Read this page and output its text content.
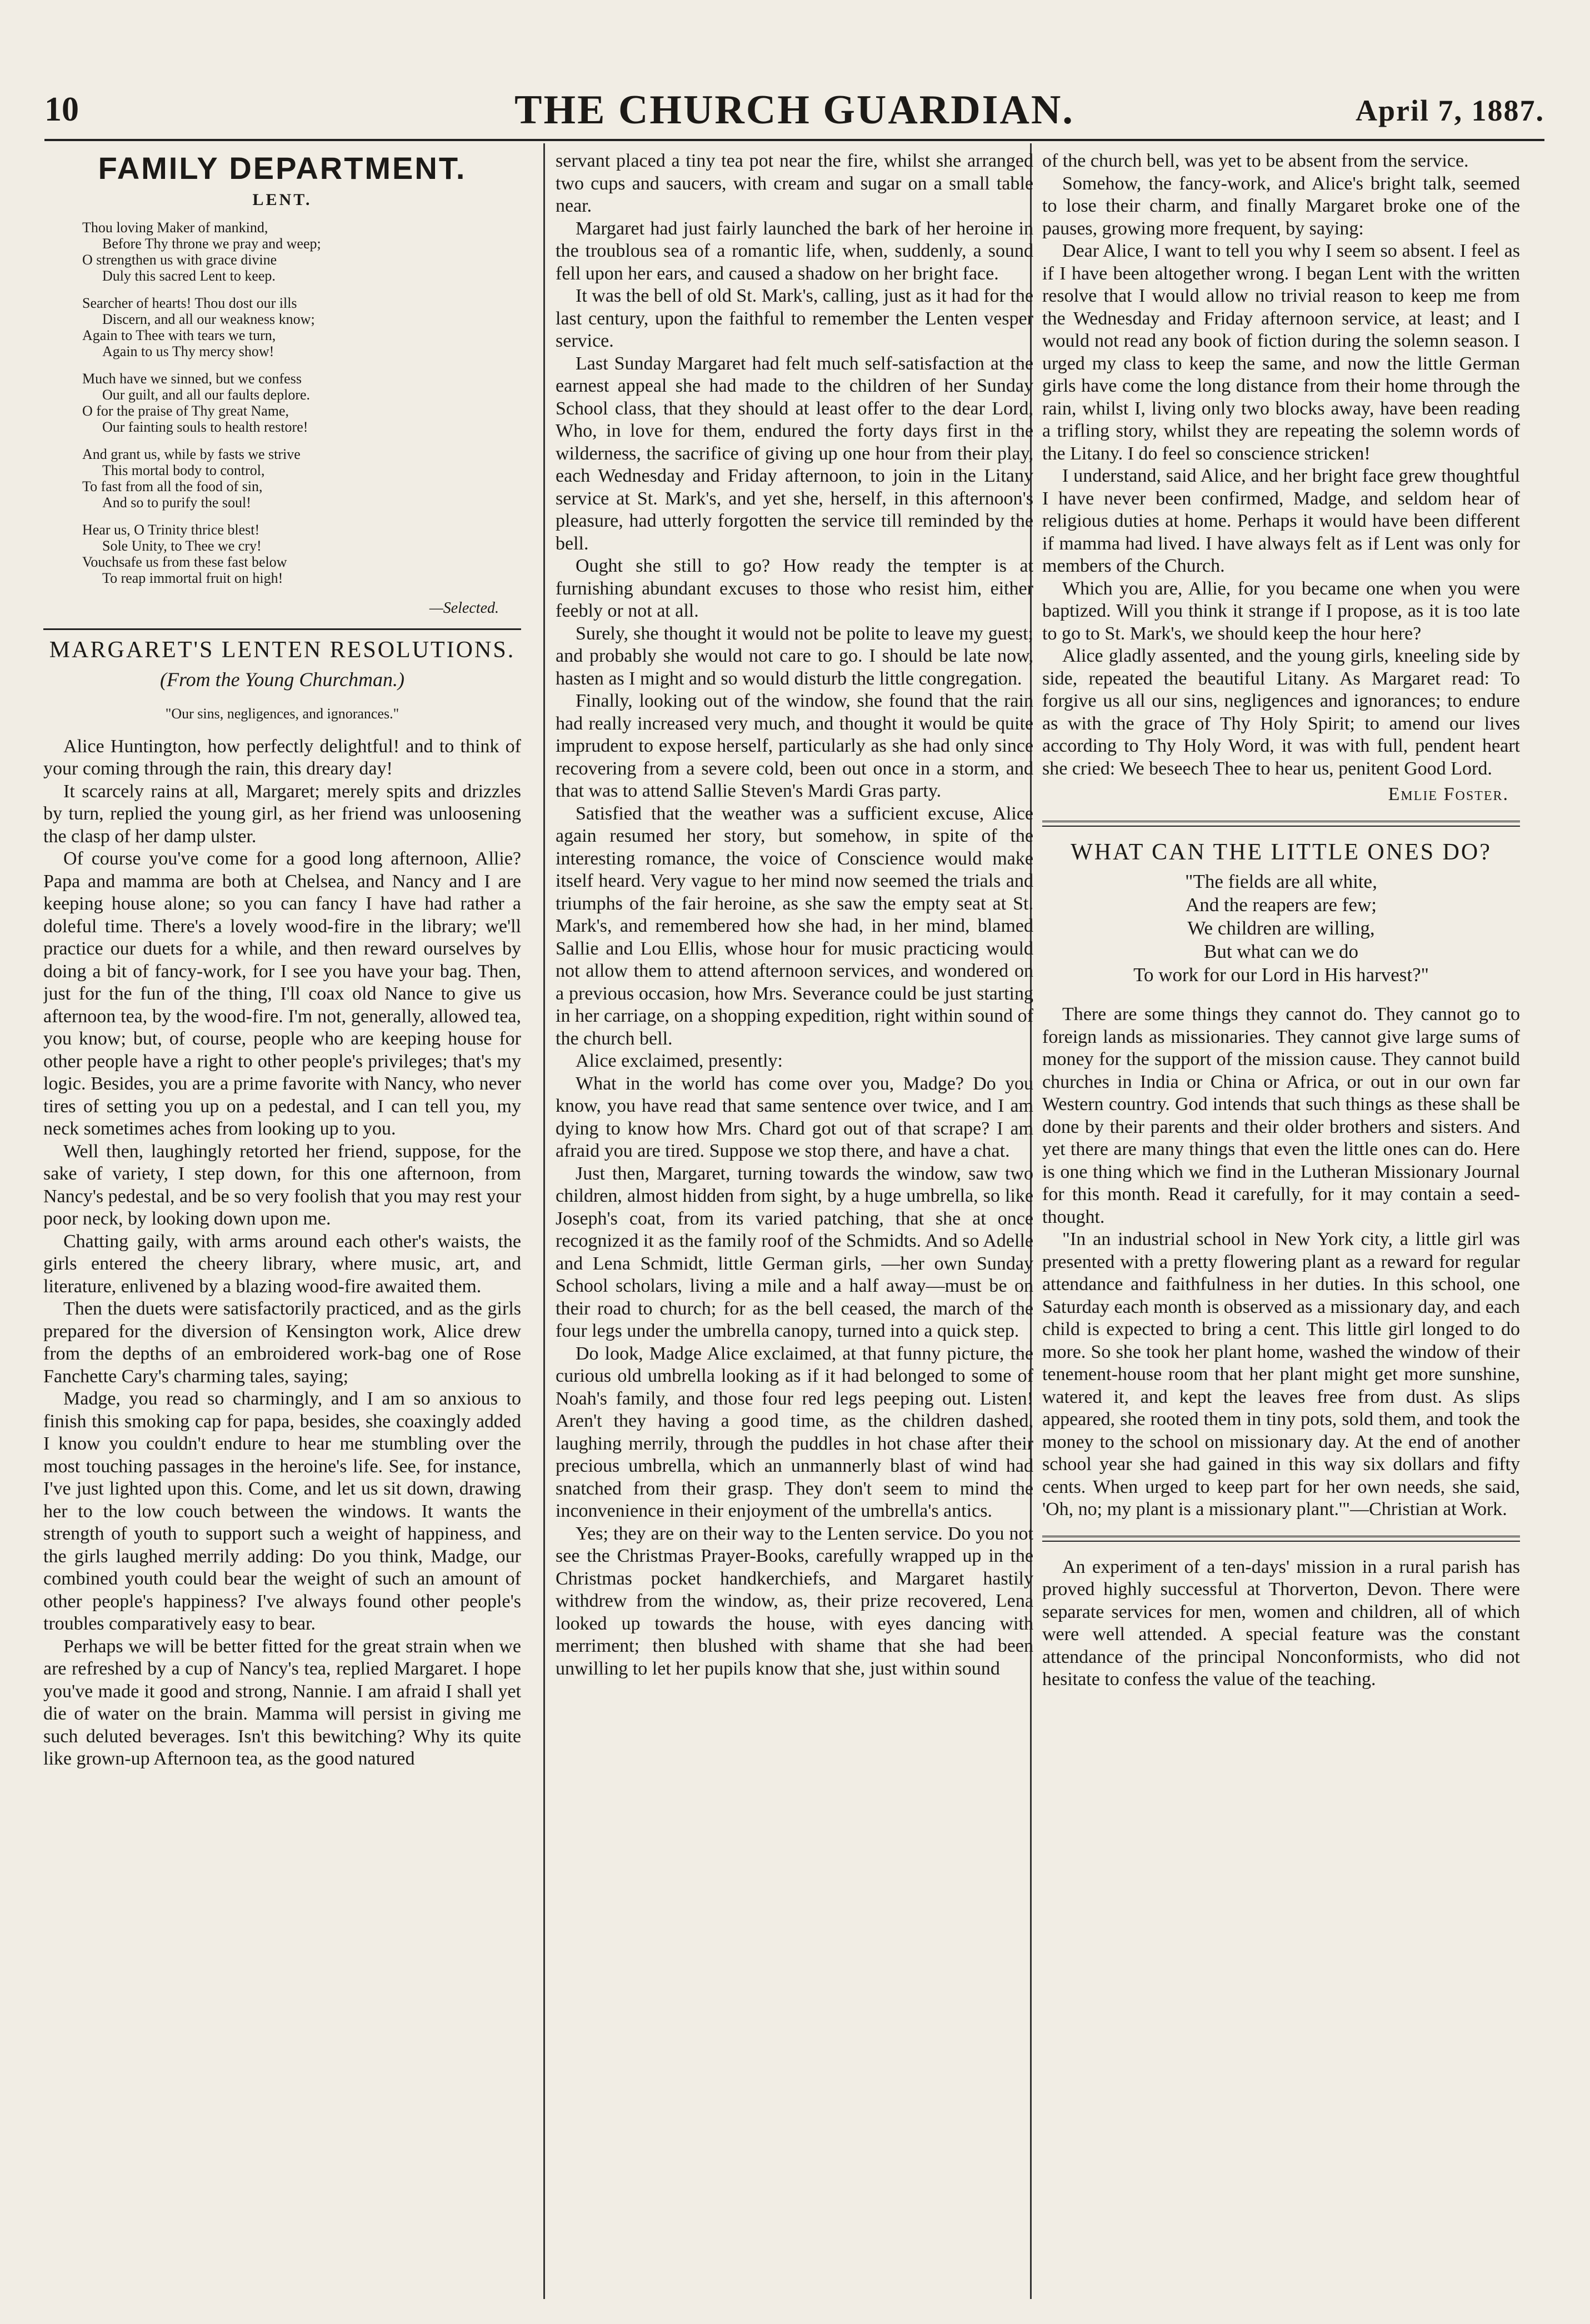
10	THE CHURCH GUARDIAN.	April 7, 1887.
FAMILY DEPARTMENT.
LENT.
Thou loving Maker of mankind,
Before Thy throne we pray and weep;
O strengthen us with grace divine
Duly this sacred Lent to keep.
Searcher of hearts! Thou dost our ills
Discern, and all our weakness know;
Again to Thee with tears we turn,
Again to us Thy mercy show!
Much have we sinned, but we confess
Our guilt, and all our faults deplore.
O for the praise of Thy great Name,
Our fainting souls to health restore!
And grant us, while by fasts we strive
This mortal body to control,
To fast from all the food of sin,
And so to purify the soul!
Hear us, O Trinity thrice blest!
Sole Unity, to Thee we cry!
Vouchsafe us from these fast below
To reap immortal fruit on high!
—Selected.
MARGARET'S LENTEN RESOLUTIONS.
(From the Young Churchman.)
"Our sins, negligences, and ignorances."

Alice Huntington, how perfectly delightful! and to think of your coming through the rain, this dreary day!

It scarcely rains at all, Margaret; merely spits and drizzles by turn, replied the young girl, as her friend was unloosening the clasp of her damp ulster.

Of course you've come for a good long afternoon, Allie? Papa and mamma are both at Chelsea, and Nancy and I are keeping house alone; so you can fancy I have had rather a doleful time. There's a lovely wood-fire in the library; we'll practice our duets for a while, and then reward ourselves by doing a bit of fancy-work, for I see you have your bag. Then, just for the fun of the thing, I'll coax old Nance to give us afternoon tea, by the wood-fire. I'm not, generally, allowed tea, you know; but, of course, people who are keeping house for other people have a right to other people's privileges; that's my logic. Besides, you are a prime favorite with Nancy, who never tires of setting you up on a pedestal, and I can tell you, my neck sometimes aches from looking up to you.

Well then, laughingly retorted her friend, suppose, for the sake of variety, I step down, for this one afternoon, from Nancy's pedestal, and be so very foolish that you may rest your poor neck, by looking down upon me.

Chatting gaily, with arms around each other's waists, the girls entered the cheery library, where music, art, and literature, enlivened by a blazing wood-fire awaited them.

Then the duets were satisfactorily practiced, and as the girls prepared for the diversion of Kensington work, Alice drew from the depths of an embroidered work-bag one of Rose Fanchette Cary's charming tales, saying;

Madge, you read so charmingly, and I am so anxious to finish this smoking cap for papa, besides, she coaxingly added I know you couldn't endure to hear me stumbling over the most touching passages in the heroine's life. See, for instance, I've just lighted upon this. Come, and let us sit down, drawing her to the low couch between the windows. It wants the strength of youth to support such a weight of happiness, and the girls laughed merrily adding: Do you think, Madge, our combined youth could bear the weight of such an amount of other people's happiness? I've always found other people's troubles comparatively easy to bear.

Perhaps we will be better fitted for the great strain when we are refreshed by a cup of Nancy's tea, replied Margaret. I hope you've made it good and strong, Nannie. I am afraid I shall yet die of water on the brain. Mamma will persist in giving me such deluted beverages. Isn't this bewitching? Why its quite like grown-up Afternoon tea, as the good natured

servant placed a tiny tea pot near the fire, whilst she arranged two cups and saucers, with cream and sugar on a small table near.

Margaret had just fairly launched the bark of her heroine in the troublous sea of a romantic life, when, suddenly, a sound fell upon her ears, and caused a shadow on her bright face.

It was the bell of old St. Mark's, calling, just as it had for the last century, upon the faithful to remember the Lenten vesper service.

Last Sunday Margaret had felt much self-satisfaction at the earnest appeal she had made to the children of her Sunday School class, that they should at least offer to the dear Lord, Who, in love for them, endured the forty days first in the wilderness, the sacrifice of giving up one hour from their play, each Wednesday and Friday afternoon, to join in the Litany service at St. Mark's, and yet she, herself, in this afternoon's pleasure, had utterly forgotten the service till reminded by the bell.

Ought she still to go? How ready the tempter is at furnishing abundant excuses to those who resist him, either feebly or not at all.

Surely, she thought it would not be polite to leave my guest; and probably she would not care to go. I should be late now, hasten as I might and so would disturb the little congregation.

Finally, looking out of the window, she found that the rain had really increased very much, and thought it would be quite imprudent to expose herself, particularly as she had only since recovering from a severe cold, been out once in a storm, and that was to attend Sallie Steven's Mardi Gras party.

Satisfied that the weather was a sufficient excuse, Alice again resumed her story, but somehow, in spite of the interesting romance, the voice of Conscience would make itself heard. Very vague to her mind now seemed the trials and triumphs of the fair heroine, as she saw the empty seat at St. Mark's, and remembered how she had, in her mind, blamed Sallie and Lou Ellis, whose hour for music practicing would not allow them to attend afternoon services, and wondered on a previous occasion, how Mrs. Severance could be just starting in her carriage, on a shopping expedition, right within sound of the church bell.

Alice exclaimed, presently:

What in the world has come over you, Madge? Do you know, you have read that same sentence over twice, and I am dying to know how Mrs. Chard got out of that scrape? I am afraid you are tired. Suppose we stop there, and have a chat.

Just then, Margaret, turning towards the window, saw two children, almost hidden from sight, by a huge umbrella, so like Joseph's coat, from its varied patching, that she at once recognized it as the family roof of the Schmidts. And so Adelle and Lena Schmidt, little German girls, —her own Sunday School scholars, living a mile and a half away—must be on their road to church; for as the bell ceased, the march of the four legs under the umbrella canopy, turned into a quick step.

Do look, Madge Alice exclaimed, at that funny picture, the curious old umbrella looking as if it had belonged to some of Noah's family, and those four red legs peeping out. Listen! Aren't they having a good time, as the children dashed, laughing merrily, through the puddles in hot chase after their precious umbrella, which an unmannerly blast of wind had snatched from their grasp. They don't seem to mind the inconvenience in their enjoyment of the umbrella's antics.

Yes; they are on their way to the Lenten service. Do you not see the Christmas Prayer-Books, carefully wrapped up in the Christmas pocket handkerchiefs, and Margaret hastily withdrew from the window, as, their prize recovered, Lena looked up towards the house, with eyes dancing with merriment; then blushed with shame that she had been unwilling to let her pupils know that she, just within sound

of the church bell, was yet to be absent from the service.

Somehow, the fancy-work, and Alice's bright talk, seemed to lose their charm, and finally Margaret broke one of the pauses, growing more frequent, by saying:

Dear Alice, I want to tell you why I seem so absent. I feel as if I have been altogether wrong. I began Lent with the written resolve that I would allow no trivial reason to keep me from the Wednesday and Friday afternoon service, at least; and I would not read any book of fiction during the solemn season. I urged my class to keep the same, and now the little German girls have come the long distance from their home through the rain, whilst I, living only two blocks away, have been reading a trifling story, whilst they are repeating the solemn words of the Litany. I do feel so conscience stricken!

I understand, said Alice, and her bright face grew thoughtful I have never been confirmed, Madge, and seldom hear of religious duties at home. Perhaps it would have been different if mamma had lived. I have always felt as if Lent was only for members of the Church.

Which you are, Allie, for you became one when you were baptized. Will you think it strange if I propose, as it is too late to go to St. Mark's, we should keep the hour here?

Alice gladly assented, and the young girls, kneeling side by side, repeated the beautiful Litany. As Margaret read: To forgive us all our sins, negligences and ignorances; to endure as with the grace of Thy Holy Spirit; to amend our lives according to Thy Holy Word, it was with full, pendent heart she cried: We beseech Thee to hear us, penitent Good Lord.

Emlie Foster.
WHAT CAN THE LITTLE ONES DO?
"The fields are all white,
And the reapers are few;
We children are willing,
But what can we do
To work for our Lord in His harvest?"

There are some things they cannot do. They cannot go to foreign lands as missionaries. They cannot give large sums of money for the support of the mission cause. They cannot build churches in India or China or Africa, or out in our own far Western country. God intends that such things as these shall be done by their parents and their older brothers and sisters. And yet there are many things that even the little ones can do. Here is one thing which we find in the Lutheran Missionary Journal for this month. Read it carefully, for it may contain a seed-thought.

"In an industrial school in New York city, a little girl was presented with a pretty flowering plant as a reward for regular attendance and faithfulness in her duties. In this school, one Saturday each month is observed as a missionary day, and each child is expected to bring a cent. This little girl longed to do more. So she took her plant home, washed the window of their tenement-house room that her plant might get more sunshine, watered it, and kept the leaves free from dust. As slips appeared, she rooted them in tiny pots, sold them, and took the money to the school on missionary day. At the end of another school year she had gained in this way six dollars and fifty cents. When urged to keep part for her own needs, she said, 'Oh, no; my plant is a missionary plant.'"—Christian at Work.

An experiment of a ten-days' mission in a rural parish has proved highly successful at Thorverton, Devon. There were separate services for men, women and children, all of which were well attended. A special feature was the constant attendance of the principal Nonconformists, who did not hesitate to confess the value of the teaching.
